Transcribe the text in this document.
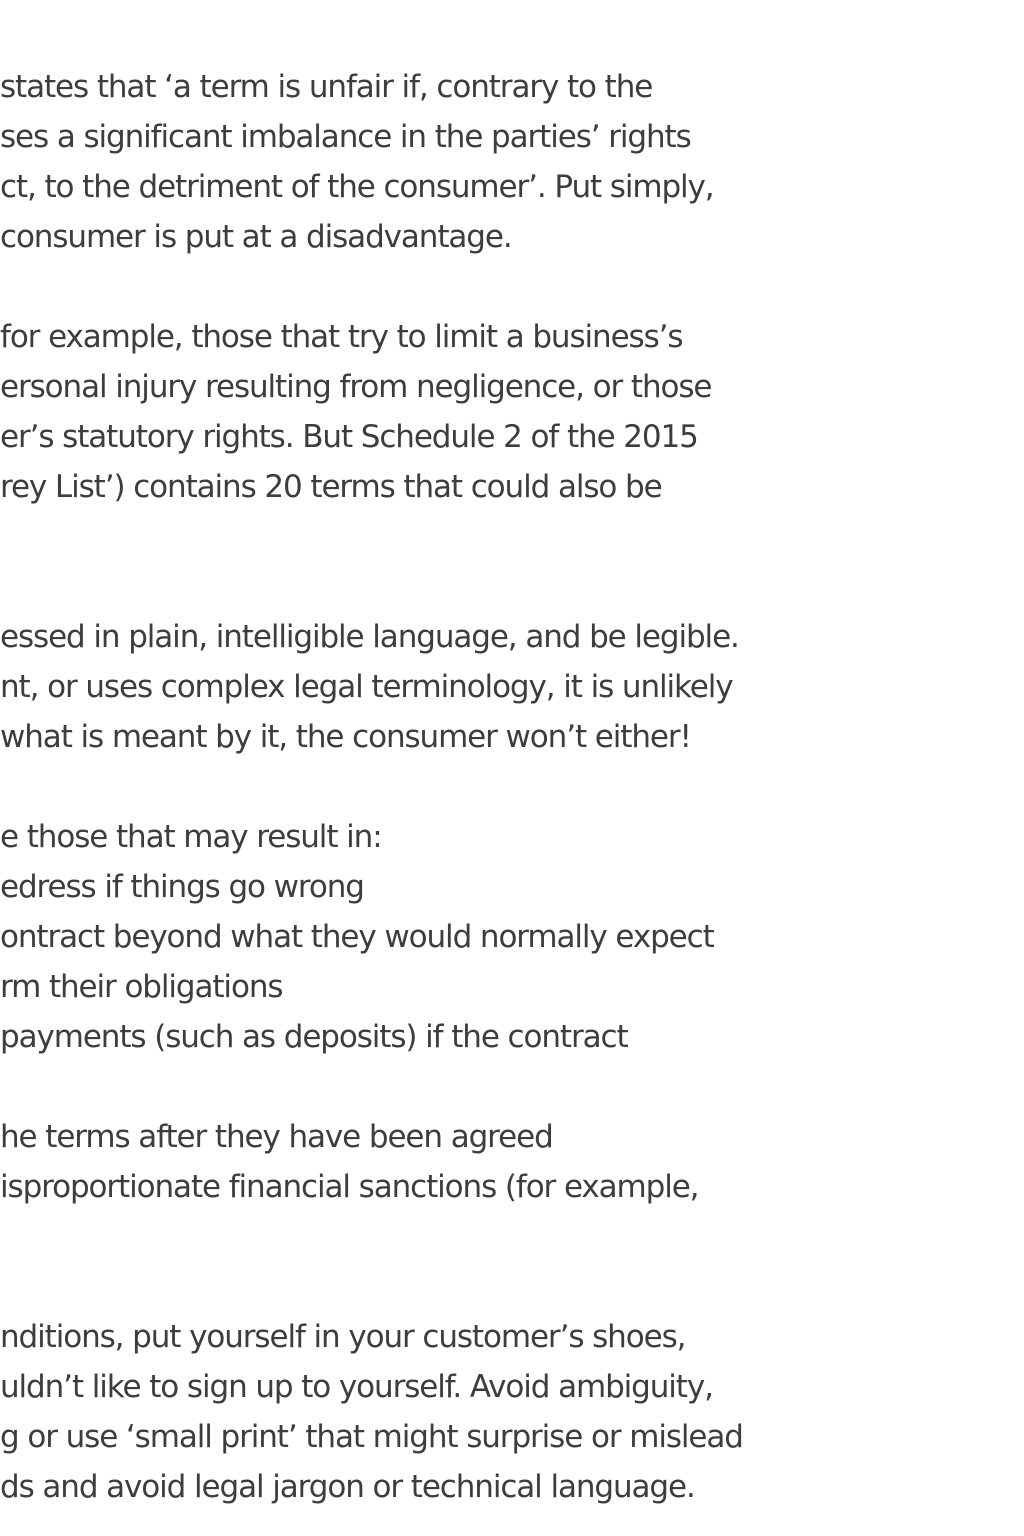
states that ‘a term is unfair if, contrary to the
ses a significant imbalance in the parties’ rights
ct, to the detriment of the consumer’. Put simply,
consumer is put at a disadvantage.
for example, those that try to limit a business’s
ersonal injury resulting from negligence, or those
er’s statutory rights. But Schedule 2 of the 2015
rey List’) contains 20 terms that could also be
essed in plain, intelligible language, and be legible.
nt, or uses complex legal terminology, it is unlikely
what is meant by it, the consumer won’t either!
e those that may result in:
edress if things go wrong
ontract beyond what they would normally expect
rm their obligations
payments (such as deposits) if the contract
he terms after they have been agreed
isproportionate financial sanctions (for example,
nditions, put yourself in your customer’s shoes,
uldn’t like to sign up to yourself. Avoid ambiguity,
g or use ‘small print’ that might surprise or mislead
ds and avoid legal jargon or technical language.
